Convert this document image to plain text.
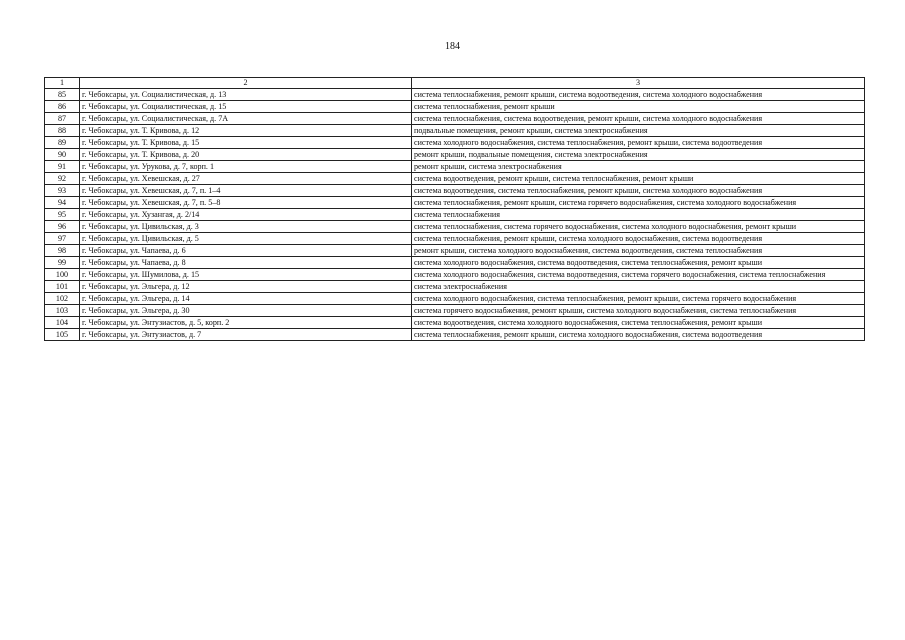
184
1	2	3
85	г. Чебоксары, ул. Социалистическая, д. 13	система теплоснабжения, ремонт крыши, система водоотведения, система холодного водоснабжения
86	г. Чебоксары, ул. Социалистическая, д. 15	система теплоснабжения, ремонт крыши
87	г. Чебоксары, ул. Социалистическая, д. 7А	система теплоснабжения, система водоотведения, ремонт крыши, система холодного водоснабжения
88	г. Чебоксары, ул. Т. Кривова, д. 12	подвальные помещения, ремонт крыши, система электроснабжения
89	г. Чебоксары, ул. Т. Кривова, д. 15	система холодного водоснабжения, система теплоснабжения, ремонт крыши, система водоотведения
90	г. Чебоксары, ул. Т. Кривова, д. 20	ремонт крыши, подвальные помещения, система электроснабжения
91	г. Чебоксары, ул. Урукова, д. 7, корп. 1	ремонт крыши, система электроснабжения
92	г. Чебоксары, ул. Хевешская, д. 27	система водоотведения, ремонт крыши, система теплоснабжения, ремонт крыши
93	г. Чебоксары, ул. Хевешская, д. 7, п. 1–4	система водоотведения, система теплоснабжения, ремонт крыши, система холодного водоснабжения
94	г. Чебоксары, ул. Хевешская, д. 7, п. 5–8	система теплоснабжения, ремонт крыши, система горячего водоснабжения, система холодного водоснабжения
95	г. Чебоксары, ул. Хузангая, д. 2/14	система теплоснабжения
96	г. Чебоксары, ул. Цивильская, д. 3	система теплоснабжения, система горячего водоснабжения, система холодного водоснабжения, ремонт крыши
97	г. Чебоксары, ул. Цивильская, д. 5	система теплоснабжения, ремонт крыши, система холодного водоснабжения, система водоотведения
98	г. Чебоксары, ул. Чапаева, д. 6	ремонт крыши, система холодного водоснабжения, система водоотведения, система теплоснабжения
99	г. Чебоксары, ул. Чапаева, д. 8	система холодного водоснабжения, система водоотведения, система теплоснабжения, ремонт крыши
100	г. Чебоксары, ул. Шумилова, д. 15	система холодного водоснабжения, система водоотведения, система горячего водоснабжения, система теплоснабжения
101	г. Чебоксары, ул. Эльгера, д. 12	система электроснабжения
102	г. Чебоксары, ул. Эльгера, д. 14	система холодного водоснабжения, система теплоснабжения, ремонт крыши, система горячего водоснабжения
103	г. Чебоксары, ул. Эльгера, д. 30	система горячего водоснабжения, ремонт крыши, система холодного водоснабжения, система теплоснабжения
104	г. Чебоксары, ул. Энтузиастов, д. 5, корп. 2	система водоотведения, система холодного водоснабжения, система теплоснабжения, ремонт крыши
105	г. Чебоксары, ул. Энтузиастов, д. 7	система теплоснабжения, ремонт крыши, система холодного водоснабжения, система водоотведения
